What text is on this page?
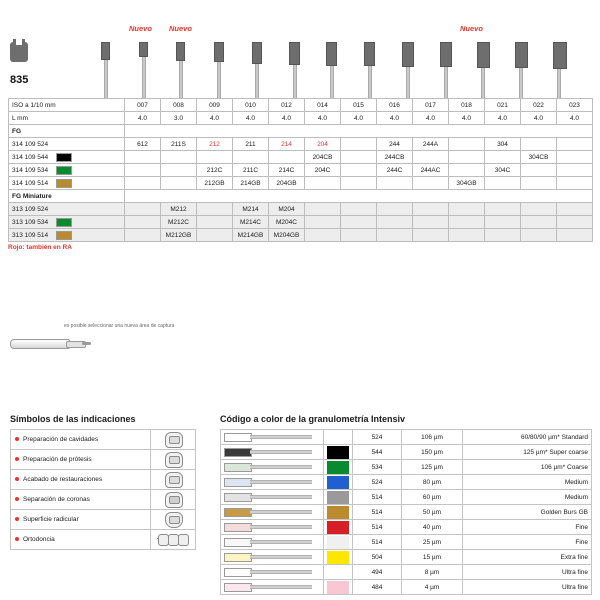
Nuevo Nuevo	Nuevo
835
ISO a 1/10 mm	007	008	009	010	012	014	015	016	017	018	021	022	023
L mm	4.0	3.0	4.0	4.0	4.0	4.0	4.0	4.0	4.0	4.0	4.0	4.0	4.0
FG													
314 109 524	612	211S	212	211	214	204		244	244A		304		
314 109 544						204CB		244CB				304CB	
314 109 534			212C	211C	214C	204C		244C	244AC		304C		
314 109 514			212GB	214GB	204GB					304GB			
FG Miniature													
313 109 524		M212		M214	M204								
313 109 534		M212C		M214C	M204C								
313 109 514		M212GB		M214GB	M204GB								
Rojo: también en RA
es posible seleccionar una nueva área de captura
Símbolos de las indicaciones
Preparación de cavidades	

Preparación de prótesis	

Acabado de restauraciones	

Separación de coronas	

Superficie radicular	

Ortodoncia	
Código a color de la granulometría Intensiv

	524	106 µm	60/80/90 µm* Standard

	544	150 µm	125 µm* Super coarse

	534	125 µm	106 µm* Coarse

	524	80 µm	Medium

	514	60 µm	Medium

	514	50 µm	Golden Burs GB

	514	40 µm	Fine

	514	25 µm	Fine

	504	15 µm	Extra fine

	494	8 µm	Ultra fine

	484	4 µm	Ultra fine
